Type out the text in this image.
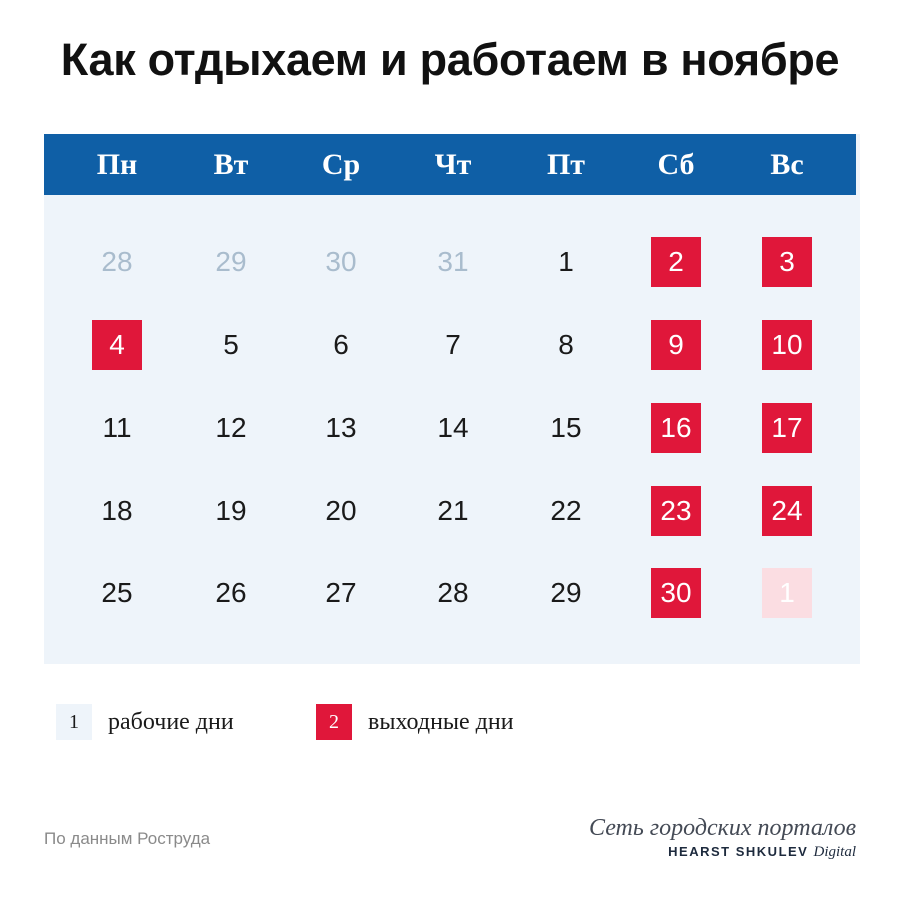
Как отдыхаем и работаем в ноябре
Пн	Вт	Ср	Чт	Пт	Сб	Вс
28	29	30	31	1	2	3
4	5	6	7	8	9	10
11	12	13	14	15	16	17
18	19	20	21	22	23	24
25	26	27	28	29	30	1
1	рабочие дни	2	выходные дни
По данным Роструда	Сеть городских порталов
HEARST SHKULEV Digital
